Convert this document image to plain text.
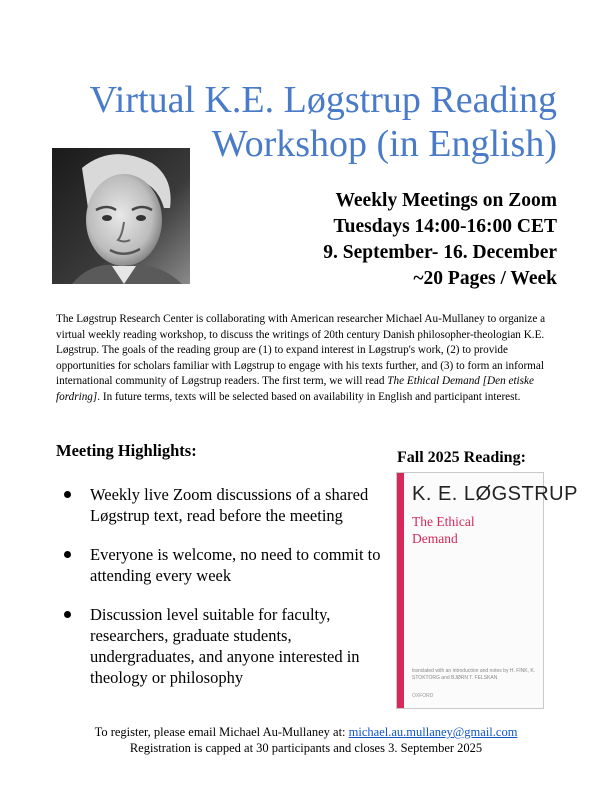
Virtual K.E. Løgstrup Reading
Workshop (in English)
Weekly Meetings on Zoom
Tuesdays 14:00-16:00 CET
9. September- 16. December
~20 Pages / Week
The Løgstrup Research Center is collaborating with American researcher Michael Au-Mullaney to organize a virtual weekly reading workshop, to discuss the writings of 20th century Danish philosopher-theologian K.E. Løgstrup. The goals of the reading group are (1) to expand interest in Løgstrup's work, (2) to provide opportunities for scholars familiar with Løgstrup to engage with his texts further, and (3) to form an informal international community of Løgstrup readers. The first term, we will read The Ethical Demand [Den etiske fordring]. In future terms, texts will be selected based on availability in English and participant interest.
Meeting Highlights:
Weekly live Zoom discussions of a shared Løgstrup text, read before the meeting
Everyone is welcome, no need to commit to attending every week
Discussion level suitable for faculty, researchers, graduate students, undergraduates, and anyone interested in theology or philosophy
Fall 2025 Reading:
K. E. LØGSTRUP
The Ethical
Demand
translated with an introduction and notes by H. FINK, K. STOKTORG and BJØRN T. FELSKAN
OXFORD
To register, please email Michael Au-Mullaney at: michael.au.mullaney@gmail.com
Registration is capped at 30 participants and closes 3. September 2025
